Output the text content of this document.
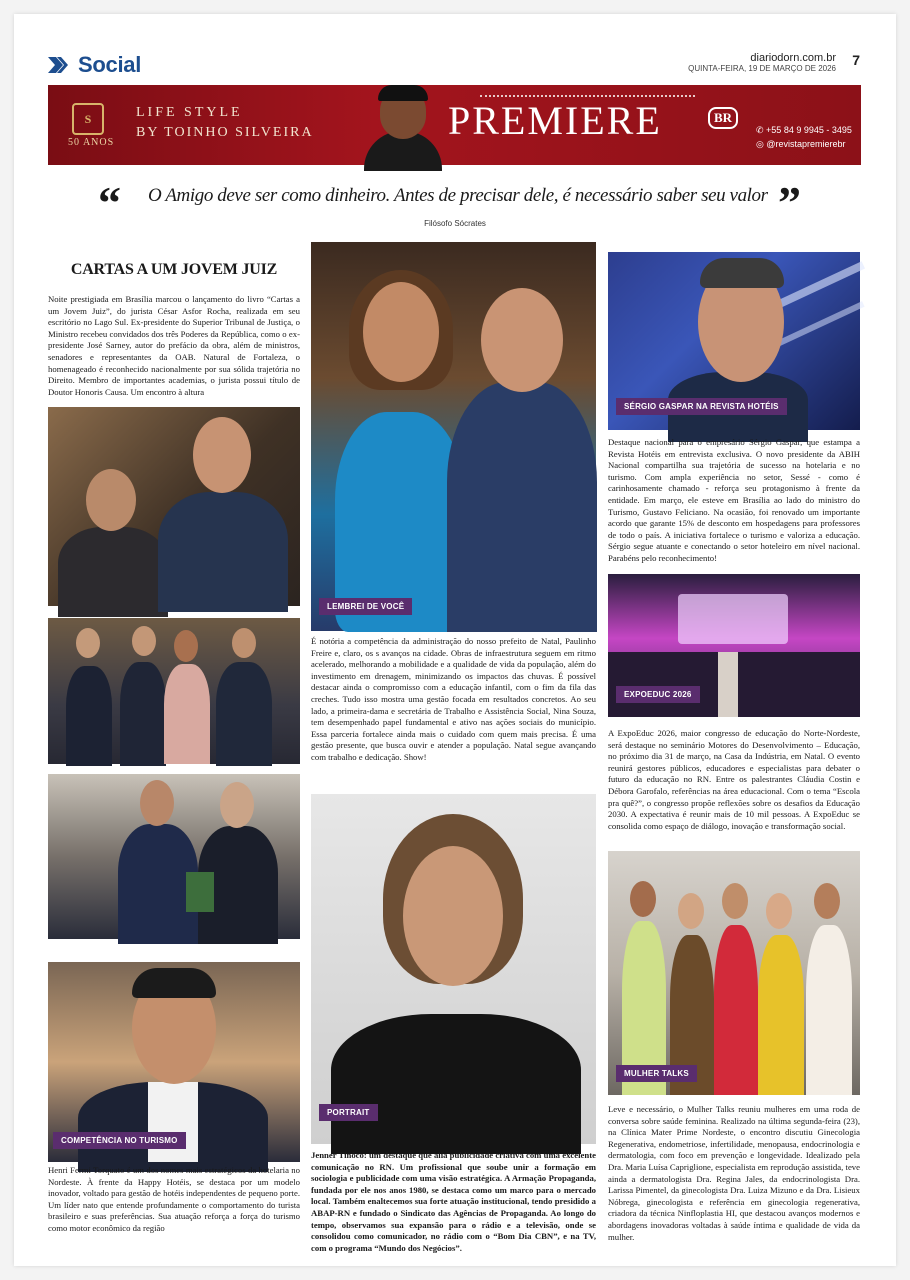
Social	diariodorn.com.br
QUINTA-FEIRA, 19 DE MARÇO DE 2026
7
S
50 ANOS
LIFE STYLE
BY TOINHO SILVEIRA	PREMIERE	BR
✆ +55 84 9 9945 - 3495
◎ @revistapremierebr
“ O Amigo deve ser como dinheiro. Antes de precisar dele, é necessário saber seu valor ”
Filósofo Sócrates
CARTAS A UM JOVEM JUIZ
Noite prestigiada em Brasília marcou o lançamento do livro “Cartas a um Jovem Juiz”, do jurista César Asfor Rocha, realizada em seu escritório no Lago Sul. Ex-presidente do Superior Tribunal de Justiça, o Ministro recebeu convidados dos três Poderes da República, como o ex-presidente José Sarney, autor do prefácio da obra, além de ministros, senadores e representantes da OAB. Natural de Fortaleza, o homenageado é reconhecido nacionalmente por sua sólida trajetória no Direito. Membro de importantes academias, o jurista possui título de Doutor Honoris Causa. Um encontro à altura
COMPETÊNCIA NO TURISMO
Henri Fermi Torquato é um dos nomes mais estratégicos da hotelaria no Nordeste. À frente da Happy Hotéis, se destaca por um modelo inovador, voltado para gestão de hotéis independentes de pequeno porte. Um líder nato que entende profundamente o comportamento do turista brasileiro e suas preferências. Sua atuação reforça a força do turismo como motor econômico da região
LEMBREI DE VOCÊ
É notória a competência da administração do nosso prefeito de Natal, Paulinho Freire e, claro, os s avanços na cidade. Obras de infraestrutura seguem em ritmo acelerado, melhorando a mobilidade e a qualidade de vida da população, além do investimento em drenagem, minimizando os impactos das chuvas. É possível destacar ainda o compromisso com a educação infantil, com o fim da fila das creches. Tudo isso mostra uma gestão focada em resultados concretos. Ao seu lado, a primeira-dama e secretária de Trabalho e Assistência Social, Nina Souza, tem desempenhado papel fundamental e ativo nas ações sociais do município. Essa parceria fortalece ainda mais o cuidado com quem mais precisa. É uma gestão presente, que busca ouvir e atender a população. Natal segue avançando com trabalho e dedicação. Show!
PORTRAIT
Jenner Tinôco: um destaque que alia publicidade criativa com uma excelente comunicação no RN. Um profissional que soube unir a formação em sociologia e publicidade com uma visão estratégica. A Armação Propaganda, fundada por ele nos anos 1980, se destaca como um marco para o mercado local. Também enaltecemos sua forte atuação institucional, tendo presidido a ABAP-RN e fundado o Sindicato das Agências de Propaganda. Ao longo do tempo, observamos sua expansão para o rádio e a televisão, onde se consolidou como comunicador, no rádio com o “Bom Dia CBN”, e na TV, com o programa “Mundo dos Negócios”.
SÉRGIO GASPAR NA REVISTA HOTÉIS
Destaque nacional para o empresário Sérgio Gaspar, que estampa a Revista Hotéis em entrevista exclusiva. O novo presidente da ABIH Nacional compartilha sua trajetória de sucesso na hotelaria e no turismo. Com ampla experiência no setor, Sessé - como é carinhosamente chamado - reforça seu protagonismo à frente da entidade. Em março, ele esteve em Brasília ao lado do ministro do Turismo, Gustavo Feliciano. Na ocasião, foi renovado um importante acordo que garante 15% de desconto em hospedagens para professores de todo o país. A iniciativa fortalece o turismo e valoriza a educação. Sérgio segue atuante e conectando o setor hoteleiro em nível nacional. Parabéns pelo reconhecimento!
EXPOEDUC 2026
A ExpoEduc 2026, maior congresso de educação do Norte-Nordeste, será destaque no seminário Motores do Desenvolvimento – Educação, no próximo dia 31 de março, na Casa da Indústria, em Natal. O evento reunirá gestores públicos, educadores e especialistas para debater o futuro da educação no RN. Entre os palestrantes Cláudia Costin e Débora Garofalo, referências na área educacional. Com o tema “Escola pra quê?”, o congresso propõe reflexões sobre os desafios da Educação 2030. A expectativa é reunir mais de 10 mil pessoas. A ExpoEduc se consolida como espaço de diálogo, inovação e transformação social.
MULHER TALKS
Leve e necessário, o Mulher Talks reuniu mulheres em uma roda de conversa sobre saúde feminina. Realizado na última segunda-feira (23), na Clínica Mater Prime Nordeste, o encontro discutiu Ginecologia Regenerativa, endometriose, infertilidade, menopausa, endocrinologia e dermatologia, com foco em prevenção e longevidade. Idealizado pela Dra. Maria Luísa Capriglione, especialista em reprodução assistida, teve ainda a dermatologista Dra. Regina Jales, da endocrinologista Dra. Larissa Pimentel, da ginecologista Dra. Luiza Mizuno e da Dra. Lisieux Nóbrega, ginecologista e referência em ginecologia regenerativa, criadora da técnica Ninfloplastia HI, que destacou avanços modernos e abordagens inovadoras voltadas à saúde íntima e qualidade de vida da mulher.
